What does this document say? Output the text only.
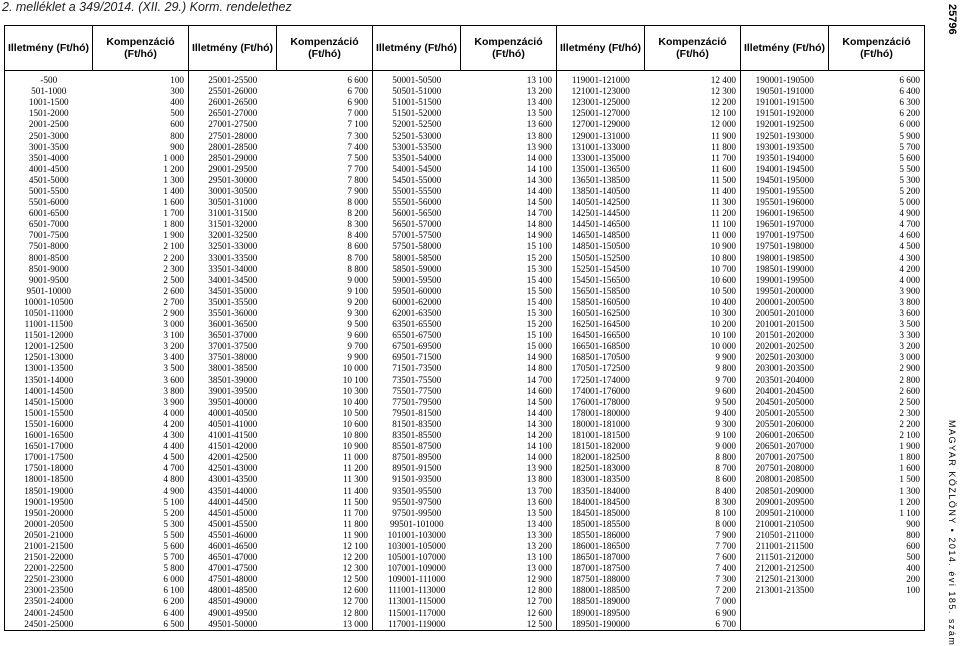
2. melléklet a 349/2014. (XII. 29.) Korm. rendelethez	25796
MAGYAR KÖZLÖNY • 2014. évi 185. szám
Illetmény (Ft/hó)	Kompenzáció (Ft/hó)	Illetmény (Ft/hó)	Kompenzáció (Ft/hó)	Illetmény (Ft/hó)	Kompenzáció (Ft/hó)	Illetmény (Ft/hó)	Kompenzáció (Ft/hó)	Illetmény (Ft/hó)	Kompenzáció (Ft/hó)

-500	100	25001-25500	6 600	50001-50500	13 100	119001-121000	12 400	190001-190500	6 600
501-1000	300	25501-26000	6 700	50501-51000	13 200	121001-123000	12 300	190501-191000	6 400
1001-1500	400	26001-26500	6 900	51001-51500	13 400	123001-125000	12 200	191001-191500	6 300
1501-2000	500	26501-27000	7 000	51501-52000	13 500	125001-127000	12 100	191501-192000	6 200
2001-2500	600	27001-27500	7 100	52001-52500	13 600	127001-129000	12 000	192001-192500	6 000
2501-3000	800	27501-28000	7 300	52501-53000	13 800	129001-131000	11 900	192501-193000	5 900
3001-3500	900	28001-28500	7 400	53001-53500	13 900	131001-133000	11 800	193001-193500	5 700
3501-4000	1 000	28501-29000	7 500	53501-54000	14 000	133001-135000	11 700	193501-194000	5 600
4001-4500	1 200	29001-29500	7 700	54001-54500	14 100	135001-136500	11 600	194001-194500	5 500
4501-5000	1 300	29501-30000	7 800	54501-55000	14 300	136501-138500	11 500	194501-195000	5 300
5001-5500	1 400	30001-30500	7 900	55001-55500	14 400	138501-140500	11 400	195001-195500	5 200
5501-6000	1 600	30501-31000	8 000	55501-56000	14 500	140501-142500	11 300	195501-196000	5 000
6001-6500	1 700	31001-31500	8 200	56001-56500	14 700	142501-144500	11 200	196001-196500	4 900
6501-7000	1 800	31501-32000	8 300	56501-57000	14 800	144501-146500	11 100	196501-197000	4 700
7001-7500	1 900	32001-32500	8 400	57001-57500	14 900	146501-148500	11 000	197001-197500	4 600
7501-8000	2 100	32501-33000	8 600	57501-58000	15 100	148501-150500	10 900	197501-198000	4 500
8001-8500	2 200	33001-33500	8 700	58001-58500	15 200	150501-152500	10 800	198001-198500	4 300
8501-9000	2 300	33501-34000	8 800	58501-59000	15 300	152501-154500	10 700	198501-199000	4 200
9001-9500	2 500	34001-34500	9 000	59001-59500	15 400	154501-156500	10 600	199001-199500	4 000
9501-10000	2 600	34501-35000	9 100	59501-60000	15 500	156501-158500	10 500	199501-200000	3 900
10001-10500	2 700	35001-35500	9 200	60001-62000	15 400	158501-160500	10 400	200001-200500	3 800
10501-11000	2 900	35501-36000	9 300	62001-63500	15 300	160501-162500	10 300	200501-201000	3 600
11001-11500	3 000	36001-36500	9 500	63501-65500	15 200	162501-164500	10 200	201001-201500	3 500
11501-12000	3 100	36501-37000	9 600	65501-67500	15 100	164501-166500	10 100	201501-202000	3 300
12001-12500	3 200	37001-37500	9 700	67501-69500	15 000	166501-168500	10 000	202001-202500	3 200
12501-13000	3 400	37501-38000	9 900	69501-71500	14 900	168501-170500	9 900	202501-203000	3 000
13001-13500	3 500	38001-38500	10 000	71501-73500	14 800	170501-172500	9 800	203001-203500	2 900
13501-14000	3 600	38501-39000	10 100	73501-75500	14 700	172501-174000	9 700	203501-204000	2 800
14001-14500	3 800	39001-39500	10 300	75501-77500	14 600	174001-176000	9 600	204001-204500	2 600
14501-15000	3 900	39501-40000	10 400	77501-79500	14 500	176001-178000	9 500	204501-205000	2 500
15001-15500	4 000	40001-40500	10 500	79501-81500	14 400	178001-180000	9 400	205001-205500	2 300
15501-16000	4 200	40501-41000	10 600	81501-83500	14 300	180001-181000	9 300	205501-206000	2 200
16001-16500	4 300	41001-41500	10 800	83501-85500	14 200	181001-181500	9 100	206001-206500	2 100
16501-17000	4 400	41501-42000	10 900	85501-87500	14 100	181501-182000	9 000	206501-207000	1 900
17001-17500	4 500	42001-42500	11 000	87501-89500	14 000	182001-182500	8 800	207001-207500	1 800
17501-18000	4 700	42501-43000	11 200	89501-91500	13 900	182501-183000	8 700	207501-208000	1 600
18001-18500	4 800	43001-43500	11 300	91501-93500	13 800	183001-183500	8 600	208001-208500	1 500
18501-19000	4 900	43501-44000	11 400	93501-95500	13 700	183501-184000	8 400	208501-209000	1 300
19001-19500	5 100	44001-44500	11 500	95501-97500	13 600	184001-184500	8 300	209001-209500	1 200
19501-20000	5 200	44501-45000	11 700	97501-99500	13 500	184501-185000	8 100	209501-210000	1 100
20001-20500	5 300	45001-45500	11 800	99501-101000	13 400	185001-185500	8 000	210001-210500	900
20501-21000	5 500	45501-46000	11 900	101001-103000	13 300	185501-186000	7 900	210501-211000	800
21001-21500	5 600	46001-46500	12 100	103001-105000	13 200	186001-186500	7 700	211001-211500	600
21501-22000	5 700	46501-47000	12 200	105001-107000	13 100	186501-187000	7 600	211501-212000	500
22001-22500	5 800	47001-47500	12 300	107001-109000	13 000	187001-187500	7 400	212001-212500	400
22501-23000	6 000	47501-48000	12 500	109001-111000	12 900	187501-188000	7 300	212501-213000	200
23001-23500	6 100	48001-48500	12 600	111001-113000	12 800	188001-188500	7 200	213001-213500	100
23501-24000	6 200	48501-49000	12 700	113001-115000	12 700	188501-189000	7 000		
24001-24500	6 400	49001-49500	12 800	115001-117000	12 600	189001-189500	6 900		
24501-25000	6 500	49501-50000	13 000	117001-119000	12 500	189501-190000	6 700		
